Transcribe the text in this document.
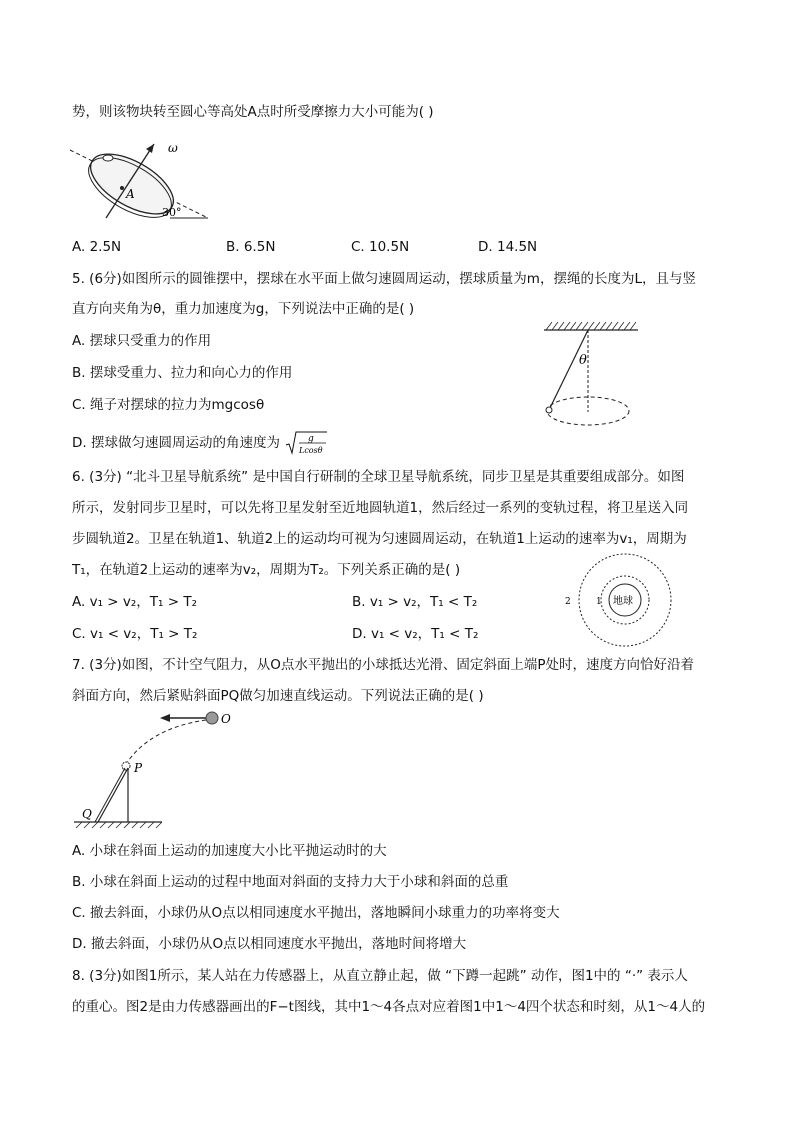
势，则该物块转至圆心等高处A点时所受摩擦力大小可能为( )
A
ω
30°
A. 2.5N	B. 6.5N	C. 10.5N	D. 14.5N
5. (6分)如图所示的圆锥摆中，摆球在水平面上做匀速圆周运动，摆球质量为m，摆绳的长度为L，且与竖
直方向夹角为θ，重力加速度为g，下列说法中正确的是( )
A. 摆球只受重力的作用
B. 摆球受重力、拉力和向心力的作用
C. 绳子对摆球的拉力为mgcosθ
D. 摆球做匀速圆周运动的角速度为	g
Lcosθ
θ
6. (3分) “北斗卫星导航系统” 是中国自行研制的全球卫星导航系统，同步卫星是其重要组成部分。如图
所示，发射同步卫星时，可以先将卫星发射至近地圆轨道1，然后经过一系列的变轨过程，将卫星送入同
步圆轨道2。卫星在轨道1、轨道2上的运动均可视为匀速圆周运动，在轨道1上运动的速率为v₁，周期为
T₁，在轨道2上运动的速率为v₂，周期为T₂。下列关系正确的是( )
A. v₁ > v₂，T₁ > T₂	B. v₁ > v₂，T₁ < T₂
C. v₁ < v₂，T₁ > T₂	D. v₁ < v₂，T₁ < T₂
地球
1
2
7. (3分)如图，不计空气阻力，从O点水平抛出的小球抵达光滑、固定斜面上端P处时，速度方向恰好沿着
斜面方向，然后紧贴斜面PQ做匀加速直线运动。下列说法正确的是( )
O
P
Q
A. 小球在斜面上运动的加速度大小比平抛运动时的大
B. 小球在斜面上运动的过程中地面对斜面的支持力大于小球和斜面的总重
C. 撤去斜面，小球仍从O点以相同速度水平抛出，落地瞬间小球重力的功率将变大
D. 撤去斜面，小球仍从O点以相同速度水平抛出，落地时间将增大
8. (3分)如图1所示，某人站在力传感器上，从直立静止起，做 “下蹲一起跳” 动作，图1中的 “·” 表示人
的重心。图2是由力传感器画出的F−t图线，其中1～4各点对应着图1中1～4四个状态和时刻，从1～4人的
